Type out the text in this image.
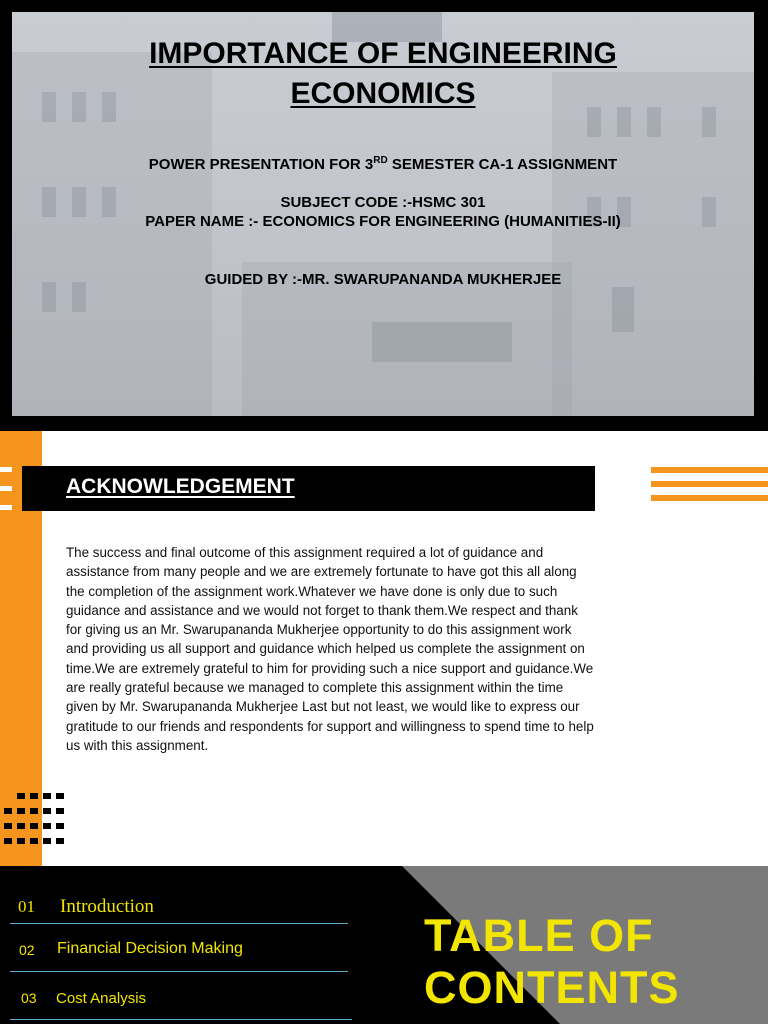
IMPORTANCE OF ENGINEERING
ECONOMICS
POWER PRESENTATION FOR 3RD SEMESTER CA-1 ASSIGNMENT
SUBJECT CODE :-HSMC 301
PAPER NAME :- ECONOMICS FOR ENGINEERING (HUMANITIES-II)
GUIDED BY :-MR. SWARUPANANDA MUKHERJEE
ACKNOWLEDGEMENT
The success and final outcome of this assignment required a lot of guidance and assistance from many people and we are extremely fortunate to have got this all along the completion of the assignment work.Whatever we have done is only due to such guidance and assistance and we would not forget to thank them.We respect and thank for giving us an Mr. Swarupananda Mukherjee opportunity to do this assignment work and providing us all support and guidance which helped us complete the assignment on time.We are extremely grateful to him for providing such a nice support and guidance.We are really grateful because we managed to complete this assignment within the time given by Mr. Swarupananda Mukherjee Last but not least, we would like to express our gratitude to our friends and respondents for support and willingness to spend time to help us with this assignment.
01 Introduction
02 Financial Decision Making
03 Cost Analysis
TABLE OF
CONTENTS
